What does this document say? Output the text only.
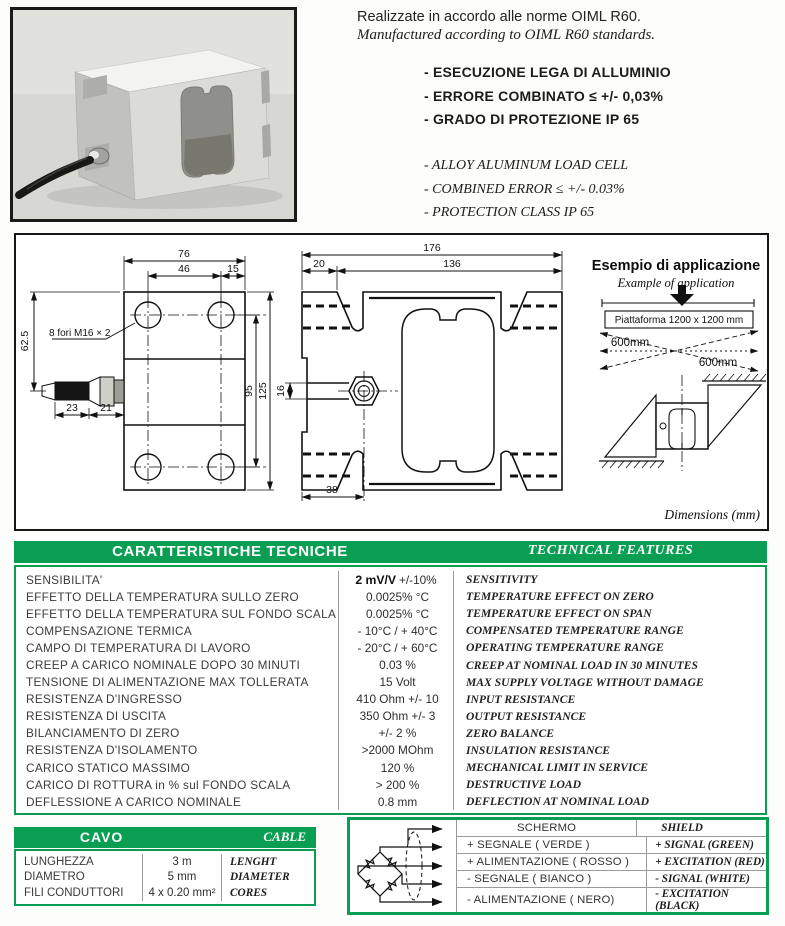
Realizzate in accordo alle norme OIML R60.
Manufactured according to OIML R60 standards.
- ESECUZIONE LEGA DI ALLUMINIO
- ERRORE COMBINATO ≤ +/- 0,03%
- GRADO DI PROTEZIONE IP 65
- ALLOY ALUMINUM LOAD CELL
- COMBINED ERROR ≤ +/- 0.03%
- PROTECTION CLASS IP 65
76
46	15
62.5
23 21
95 125
8 fori M16 × 2
176
136
20
16
38
Esempio di applicazione
Example of application
Piattaforma 1200 x 1200 mm
600mm
600mm
Dimensions (mm)
CARATTERISTICHE TECNICHE	TECHNICAL FEATURES
SENSIBILITA'	2 mV/V +/-10%	SENSITIVITY
EFFETTO DELLA TEMPERATURA SULLO ZERO	0.0025% °C	TEMPERATURE EFFECT ON ZERO
EFFETTO DELLA TEMPERATURA SUL FONDO SCALA	0.0025% °C	TEMPERATURE EFFECT ON SPAN
COMPENSAZIONE TERMICA	- 10°C / + 40°C	COMPENSATED TEMPERATURE RANGE
CAMPO DI TEMPERATURA DI LAVORO	- 20°C / + 60°C	OPERATING TEMPERATURE RANGE
CREEP A CARICO NOMINALE DOPO 30 MINUTI	0.03 %	CREEP AT NOMINAL LOAD IN 30 MINUTES
TENSIONE DI ALIMENTAZIONE MAX TOLLERATA	15 Volt	MAX SUPPLY VOLTAGE WITHOUT DAMAGE
RESISTENZA D'INGRESSO	410 Ohm +/- 10	INPUT RESISTANCE
RESISTENZA DI USCITA	350 Ohm +/- 3	OUTPUT RESISTANCE
BILANCIAMENTO DI ZERO	+/- 2 %	ZERO BALANCE
RESISTENZA D'ISOLAMENTO	>2000 MOhm	INSULATION RESISTANCE
CARICO STATICO MASSIMO	120 %	MECHANICAL LIMIT IN SERVICE
CARICO DI ROTTURA in % sul FONDO SCALA	> 200 %	DESTRUCTIVE LOAD
DEFLESSIONE A CARICO NOMINALE	0.8 mm	DEFLECTION AT NOMINAL LOAD
CAVO	CABLE
LUNGHEZZA	3 m	LENGHT
DIAMETRO	5 mm	DIAMETER
FILI CONDUTTORI	4 x 0.20 mm²	CORES
SCHERMO	SHIELD
+ SEGNALE ( VERDE )	+ SIGNAL (GREEN)
+ ALIMENTAZIONE ( ROSSO )	+ EXCITATION (RED)
- SEGNALE ( BIANCO )	- SIGNAL (WHITE)
- ALIMENTAZIONE ( NERO)	- EXCITATION (BLACK)
